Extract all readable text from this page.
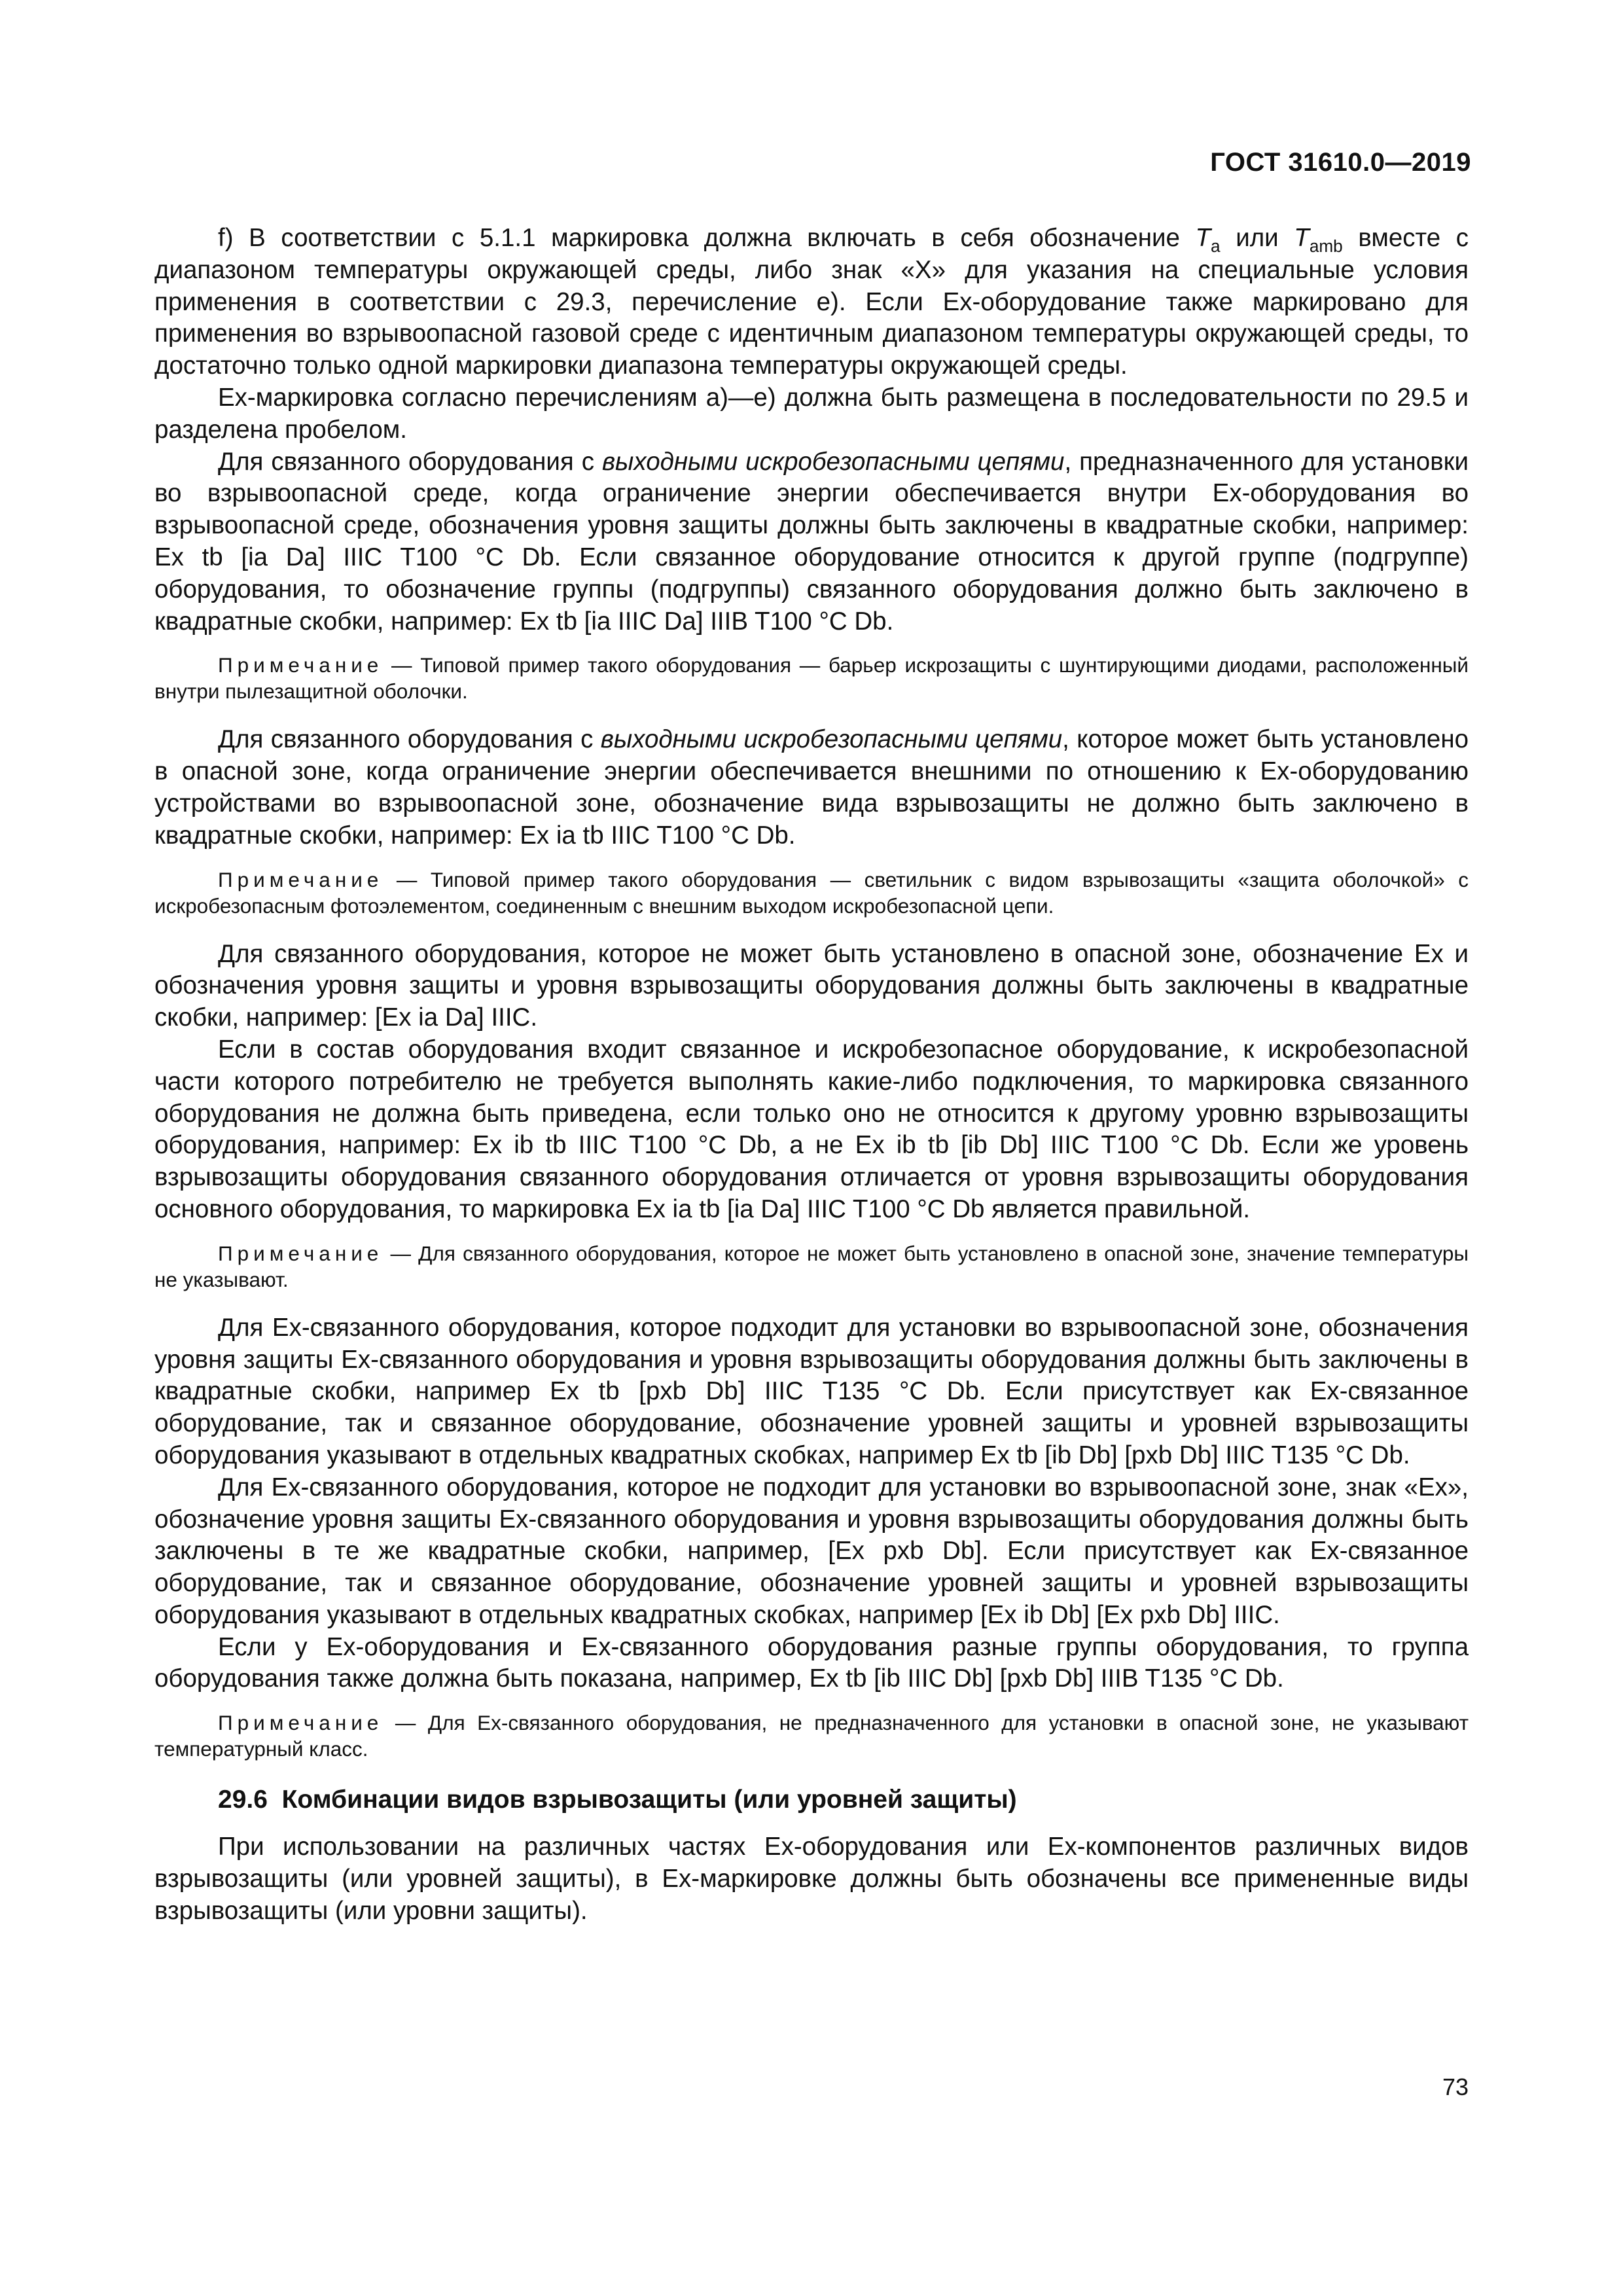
ГОСТ 31610.0—2019

f) В соответствии с 5.1.1 маркировка должна включать в себя обозначение $T_a$ или $T_{amb}$ вместе с диапазоном температуры окружающей среды, либо знак «X» для указания на специальные условия применения в соответствии с 29.3, перечисление е). Если Ex-оборудование также маркировано для применения во взрывоопасной газовой среде с идентичным диапазоном температуры окружающей среды, то достаточно только одной маркировки диапазона температуры окружающей среды.

Ex-маркировка согласно перечислениям а)—е) должна быть размещена в последовательности по 29.5 и разделена пробелом.

Для связанного оборудования с выходными искробезопасными цепями, предназначенного для установки во взрывоопасной среде, когда ограничение энергии обеспечивается внутри Ex-оборудования во взрывоопасной среде, обозначения уровня защиты должны быть заключены в квадратные скобки, например: Ex tb [ia Da] IIIC T100 °C Db. Если связанное оборудование относится к другой группе (подгруппе) оборудования, то обозначение группы (подгруппы) связанного оборудования должно быть заключено в квадратные скобки, например: Ex tb [ia IIIC Da] IIIB T100 °C Db.

Примечание — Типовой пример такого оборудования — барьер искрозащиты с шунтирующими диодами, расположенный внутри пылезащитной оболочки.

Для связанного оборудования с выходными искробезопасными цепями, которое может быть установлено в опасной зоне, когда ограничение энергии обеспечивается внешними по отношению к Ex-оборудованию устройствами во взрывоопасной зоне, обозначение вида взрывозащиты не должно быть заключено в квадратные скобки, например: Ex ia tb IIIC T100 °C Db.

Примечание — Типовой пример такого оборудования — светильник с видом взрывозащиты «защита оболочкой» с искробезопасным фотоэлементом, соединенным с внешним выходом искробезопасной цепи.

Для связанного оборудования, которое не может быть установлено в опасной зоне, обозначение Ex и обозначения уровня защиты и уровня взрывозащиты оборудования должны быть заключены в квадратные скобки, например: [Ex ia Da] IIIC.

Если в состав оборудования входит связанное и искробезопасное оборудование, к искробезопасной части которого потребителю не требуется выполнять какие-либо подключения, то маркировка связанного оборудования не должна быть приведена, если только оно не относится к другому уровню взрывозащиты оборудования, например: Ex ib tb IIIC T100 °C Db, а не Ex ib tb [ib Db] IIIC T100 °C Db. Если же уровень взрывозащиты оборудования связанного оборудования отличается от уровня взрывозащиты оборудования основного оборудования, то маркировка Ex ia tb [ia Da] IIIC T100 °C Db является правильной.

Примечание — Для связанного оборудования, которое не может быть установлено в опасной зоне, значение температуры не указывают.

Для Ex-связанного оборудования, которое подходит для установки во взрывоопасной зоне, обозначения уровня защиты Ex-связанного оборудования и уровня взрывозащиты оборудования должны быть заключены в квадратные скобки, например Ex tb [pxb Db] IIIC T135 °C Db. Если присутствует как Ex-связанное оборудование, так и связанное оборудование, обозначение уровней защиты и уровней взрывозащиты оборудования указывают в отдельных квадратных скобках, например Ex tb [ib Db] [pxb Db] IIIC T135 °C Db.

Для Ex-связанного оборудования, которое не подходит для установки во взрывоопасной зоне, знак «Ex», обозначение уровня защиты Ex-связанного оборудования и уровня взрывозащиты оборудования должны быть заключены в те же квадратные скобки, например, [Ex pxb Db]. Если присутствует как Ex-связанное оборудование, так и связанное оборудование, обозначение уровней защиты и уровней взрывозащиты оборудования указывают в отдельных квадратных скобках, например [Ex ib Db] [Ex pxb Db] IIIC.

Если у Ex-оборудования и Ex-связанного оборудования разные группы оборудования, то группа оборудования также должна быть показана, например, Ex tb [ib IIIC Db] [pxb Db] IIIB T135 °C Db.

Примечание — Для Ex-связанного оборудования, не предназначенного для установки в опасной зоне, не указывают температурный класс.

29.6 Комбинации видов взрывозащиты (или уровней защиты)

При использовании на различных частях Ex-оборудования или Ex-компонентов различных видов взрывозащиты (или уровней защиты), в Ex-маркировке должны быть обозначены все примененные виды взрывозащиты (или уровни защиты).

73
